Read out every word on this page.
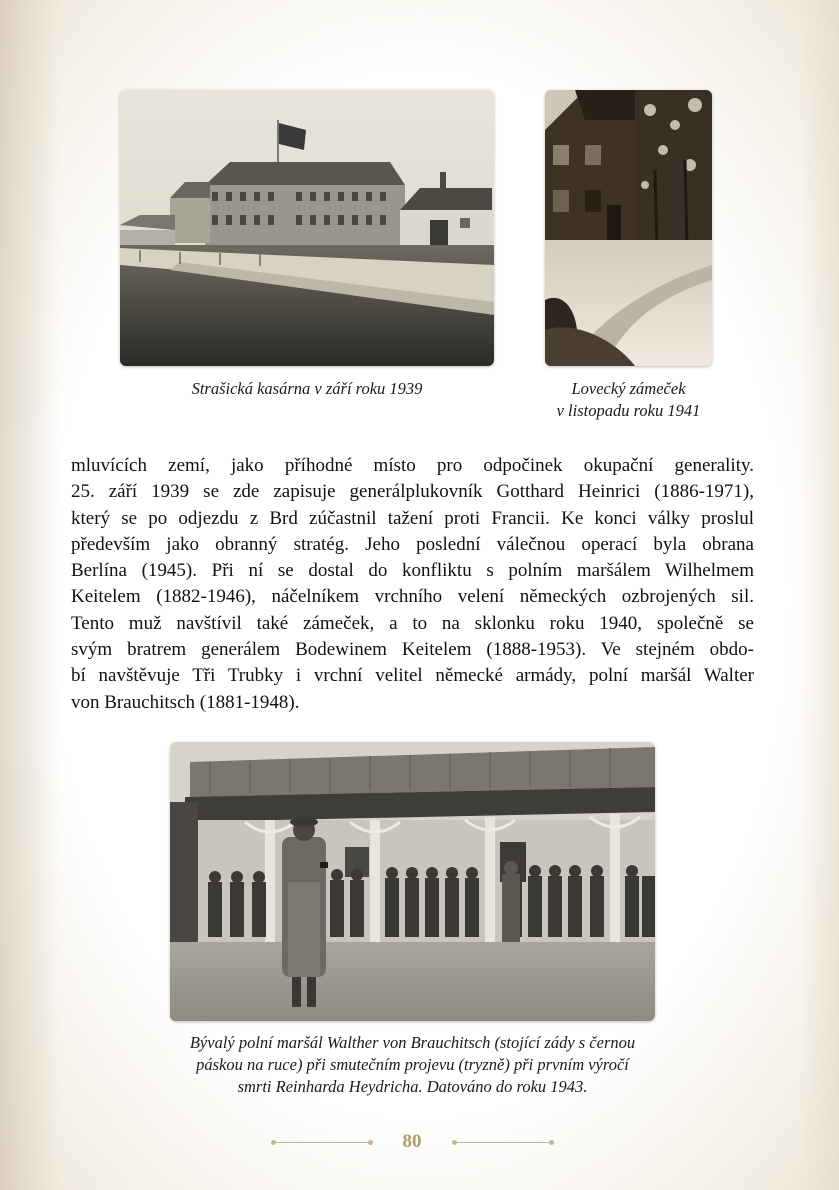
Strašická kasárna v září roku 1939	Lovecký zámeček
v listopadu roku 1941
mluvících zemí, jako příhodné místo pro odpočinek okupační generality.
25. září 1939 se zde zapisuje generálplukovník Gotthard Heinrici (1886-1971),
který se po odjezdu z Brd zúčastnil tažení proti Francii. Ke konci války proslul
především jako obranný stratég. Jeho poslední válečnou operací byla obrana
Berlína (1945). Při ní se dostal do konfliktu s polním maršálem Wilhelmem
Keitelem (1882-1946), náčelníkem vrchního velení německých ozbrojených sil.
Tento muž navštívil také zámeček, a to na sklonku roku 1940, společně se
svým bratrem generálem Bodewinem Keitelem (1888-1953). Ve stejném obdo-
bí navštěvuje Tři Trubky i vrchní velitel německé armády, polní maršál Walter
von Brauchitsch (1881-1948).
Bývalý polní maršál Walther von Brauchitsch (stojící zády s černou
páskou na ruce) při smutečním projevu (tryzně) při prvním výročí
smrti Reinharda Heydricha. Datováno do roku 1943.
80
